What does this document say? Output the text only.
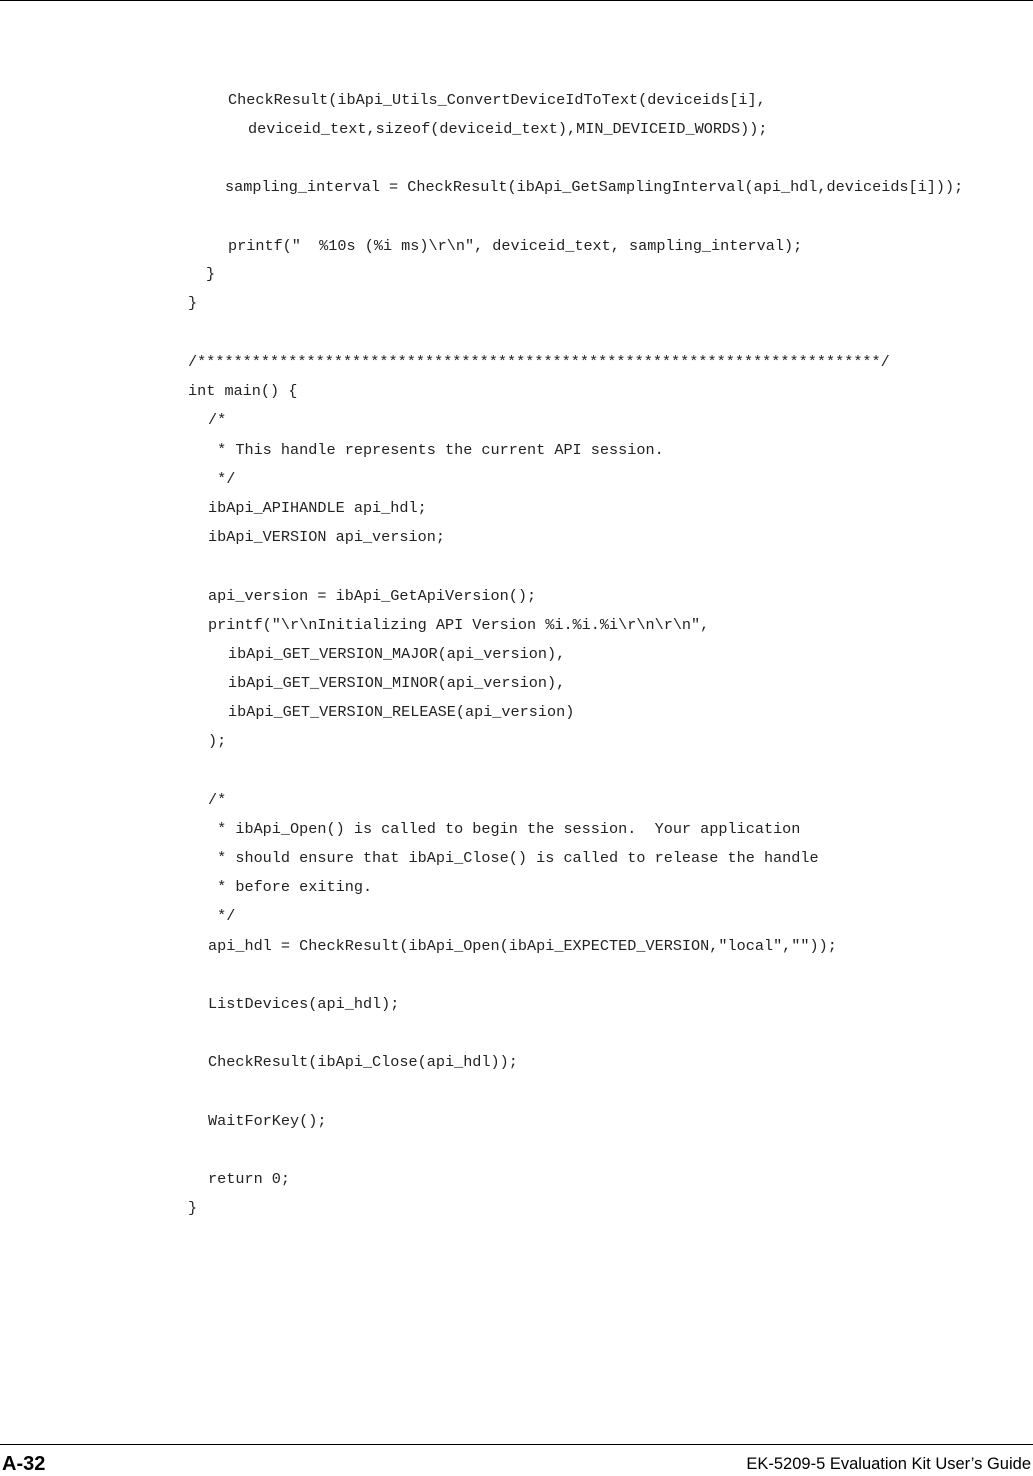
CheckResult(ibApi_Utils_ConvertDeviceIdToText(deviceids[i],
deviceid_text,sizeof(deviceid_text),MIN_DEVICEID_WORDS));
sampling_interval = CheckResult(ibApi_GetSamplingInterval(api_hdl,deviceids[i]));
printf("  %10s (%i ms)\r\n", deviceid_text, sampling_interval);
}
}
/***************************************************************************/
int main() {
/*
* This handle represents the current API session.
*/
ibApi_APIHANDLE api_hdl;
ibApi_VERSION api_version;
api_version = ibApi_GetApiVersion();
printf("\r\nInitializing API Version %i.%i.%i\r\n\r\n",
ibApi_GET_VERSION_MAJOR(api_version),
ibApi_GET_VERSION_MINOR(api_version),
ibApi_GET_VERSION_RELEASE(api_version)
);
/*
* ibApi_Open() is called to begin the session.  Your application
* should ensure that ibApi_Close() is called to release the handle
* before exiting.
*/
api_hdl = CheckResult(ibApi_Open(ibApi_EXPECTED_VERSION,"local",""));
ListDevices(api_hdl);
CheckResult(ibApi_Close(api_hdl));
WaitForKey();
return 0;
}
A-32	EK-5209-5 Evaluation Kit User’s Guide
